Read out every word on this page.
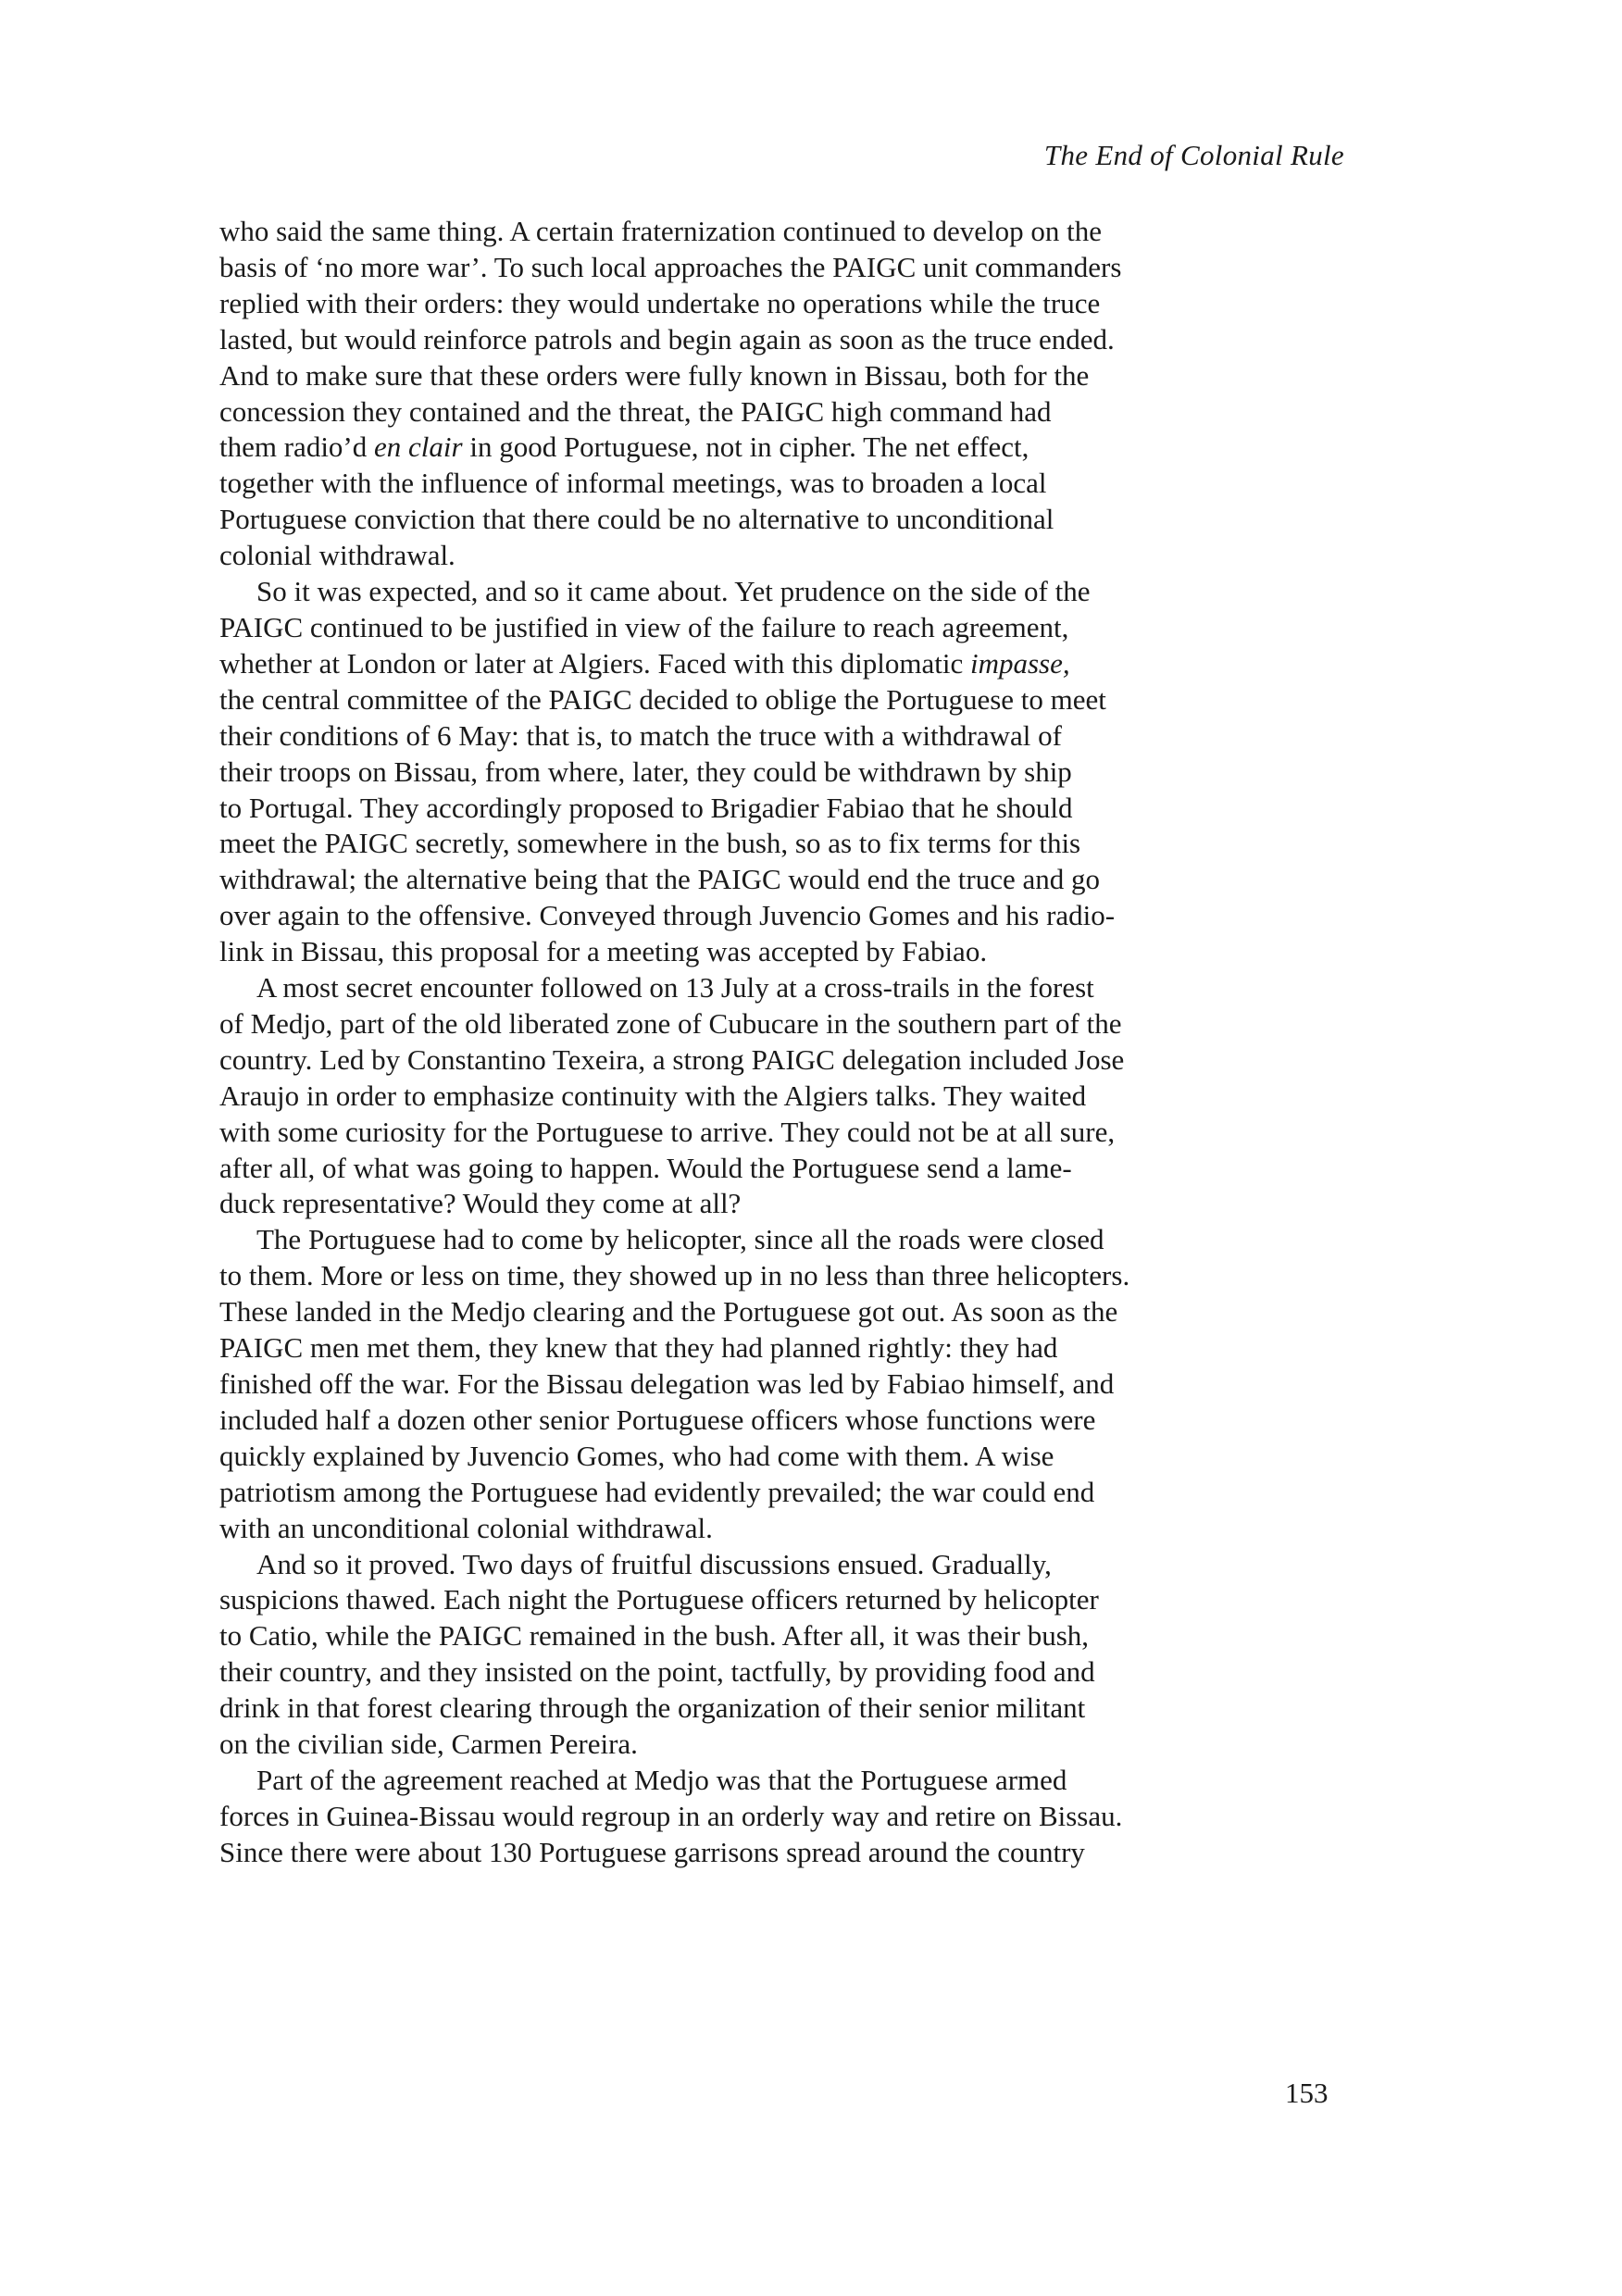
The End of Colonial Rule
who said the same thing. A certain fraternization continued to develop on the
basis of ‘no more war’. To such local approaches the PAIGC unit commanders
replied with their orders: they would undertake no operations while the truce
lasted, but would reinforce patrols and begin again as soon as the truce ended.
And to make sure that these orders were fully known in Bissau, both for the
concession they contained and the threat, the PAIGC high command had
them radio’d en clair in good Portuguese, not in cipher. The net effect,
together with the influence of informal meetings, was to broaden a local
Portuguese conviction that there could be no alternative to unconditional
colonial withdrawal.
So it was expected, and so it came about. Yet prudence on the side of the
PAIGC continued to be justified in view of the failure to reach agreement,
whether at London or later at Algiers. Faced with this diplomatic impasse,
the central committee of the PAIGC decided to oblige the Portuguese to meet
their conditions of 6 May: that is, to match the truce with a withdrawal of
their troops on Bissau, from where, later, they could be withdrawn by ship
to Portugal. They accordingly proposed to Brigadier Fabiao that he should
meet the PAIGC secretly, somewhere in the bush, so as to fix terms for this
withdrawal; the alternative being that the PAIGC would end the truce and go
over again to the offensive. Conveyed through Juvencio Gomes and his radio-
link in Bissau, this proposal for a meeting was accepted by Fabiao.
A most secret encounter followed on 13 July at a cross-trails in the forest
of Medjo, part of the old liberated zone of Cubucare in the southern part of the
country. Led by Constantino Texeira, a strong PAIGC delegation included Jose
Araujo in order to emphasize continuity with the Algiers talks. They waited
with some curiosity for the Portuguese to arrive. They could not be at all sure,
after all, of what was going to happen. Would the Portuguese send a lame-
duck representative? Would they come at all?
The Portuguese had to come by helicopter, since all the roads were closed
to them. More or less on time, they showed up in no less than three helicopters.
These landed in the Medjo clearing and the Portuguese got out. As soon as the
PAIGC men met them, they knew that they had planned rightly: they had
finished off the war. For the Bissau delegation was led by Fabiao himself, and
included half a dozen other senior Portuguese officers whose functions were
quickly explained by Juvencio Gomes, who had come with them. A wise
patriotism among the Portuguese had evidently prevailed; the war could end
with an unconditional colonial withdrawal.
And so it proved. Two days of fruitful discussions ensued. Gradually,
suspicions thawed. Each night the Portuguese officers returned by helicopter
to Catio, while the PAIGC remained in the bush. After all, it was their bush,
their country, and they insisted on the point, tactfully, by providing food and
drink in that forest clearing through the organization of their senior militant
on the civilian side, Carmen Pereira.
Part of the agreement reached at Medjo was that the Portuguese armed
forces in Guinea-Bissau would regroup in an orderly way and retire on Bissau.
Since there were about 130 Portuguese garrisons spread around the country
153
